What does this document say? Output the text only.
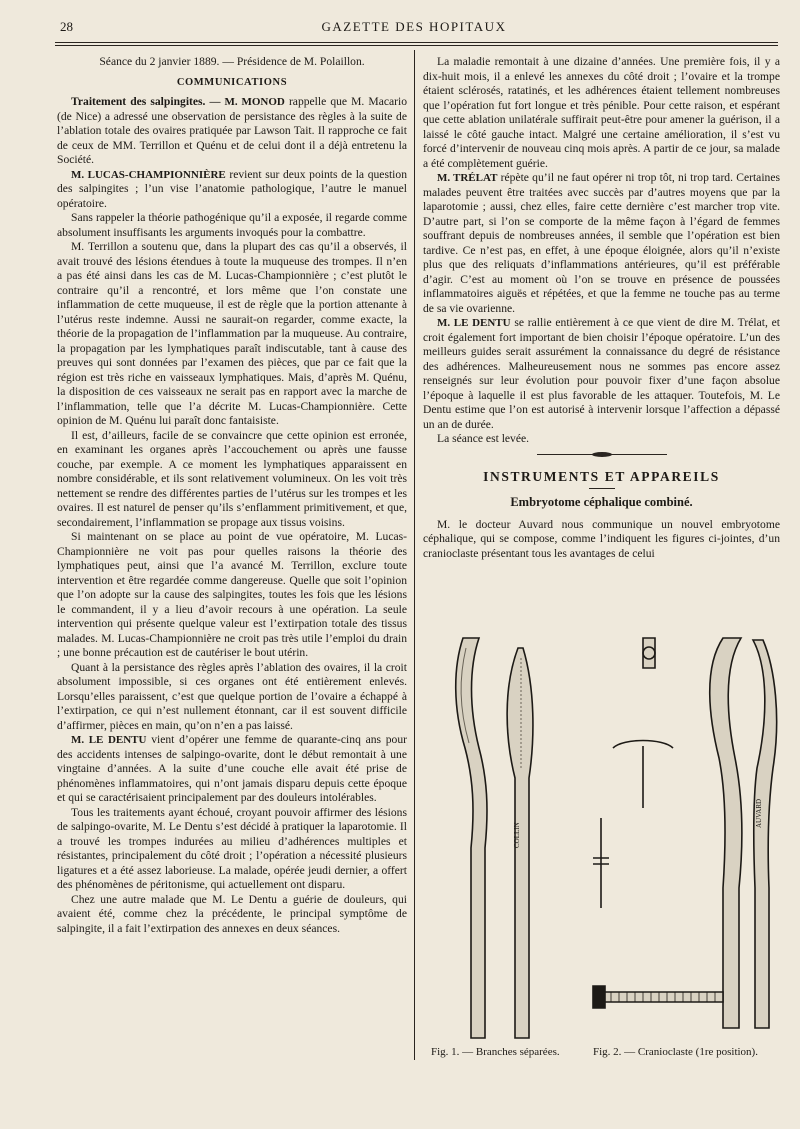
28	GAZETTE DES HOPITAUX

Séance du 2 janvier 1889. — Présidence de M. Polaillon.

COMMUNICATIONS

Traitement des salpingites. — M. MONOD rappelle que M. Macario (de Nice) a adressé une observation de persistance des règles à la suite de l’ablation totale des ovaires pratiquée par Lawson Tait. Il rapproche ce fait de ceux de MM. Terrillon et Quénu et de celui dont il a déjà entretenu la Société.

M. LUCAS-CHAMPIONNIÈRE revient sur deux points de la question des salpingites ; l’un vise l’anatomie pathologique, l’autre le manuel opératoire.

Sans rappeler la théorie pathogénique qu’il a exposée, il regarde comme absolument insuffisants les arguments invoqués pour la combattre.

M. Terrillon a soutenu que, dans la plupart des cas qu’il a observés, il avait trouvé des lésions étendues à toute la muqueuse des trompes. Il n’en a pas été ainsi dans les cas de M. Lucas-Championnière ; c’est plutôt le contraire qu’il a rencontré, et lors même que l’on constate une inflammation de cette muqueuse, il est de règle que la portion attenante à l’utérus reste indemne. Aussi ne saurait-on regarder, comme exacte, la théorie de la propagation de l’inflammation par la muqueuse. Au contraire, la propagation par les lymphatiques paraît indiscutable, tant à cause des preuves qui sont données par l’examen des pièces, que par ce fait que la région est très riche en vaisseaux lymphatiques. Mais, d’après M. Quénu, la disposition de ces vaisseaux ne serait pas en rapport avec la marche de l’inflammation, telle que l’a décrite M. Lucas-Championnière. Cette opinion de M. Quénu lui paraît donc fantaisiste.

Il est, d’ailleurs, facile de se convaincre que cette opinion est erronée, en examinant les organes après l’accouchement ou après une fausse couche, par exemple. A ce moment les lymphatiques apparaissent en nombre considérable, et ils sont relativement volumineux. On les voit très nettement se rendre des différentes parties de l’utérus sur les trompes et les ovaires. Il est naturel de penser qu’ils s’enflamment primitivement, et que, secondairement, l’inflammation se propage aux tissus voisins.

Si maintenant on se place au point de vue opératoire, M. Lucas-Championnière ne voit pas pour quelles raisons la théorie des lymphatiques peut, ainsi que l’a avancé M. Terrillon, exclure toute intervention et être regardée comme dangereuse. Quelle que soit l’opinion que l’on adopte sur la cause des salpingites, toutes les fois que les lésions le commandent, il y a lieu d’avoir recours à une opération. La seule intervention qui présente quelque valeur est l’extirpation totale des tissus malades. M. Lucas-Championnière ne croit pas très utile l’emploi du drain ; une bonne précaution est de cautériser le bout utérin.

Quant à la persistance des règles après l’ablation des ovaires, il la croit absolument impossible, si ces organes ont été entièrement enlevés. Lorsqu’elles paraissent, c’est que quelque portion de l’ovaire a échappé à l’extirpation, ce qui n’est nullement étonnant, car il est souvent difficile d’affirmer, pièces en main, qu’on n’en a pas laissé.

M. LE DENTU vient d’opérer une femme de quarante-cinq ans pour des accidents intenses de salpingo-ovarite, dont le début remontait à une vingtaine d’années. A la suite d’une couche elle avait été prise de phénomènes inflammatoires, qui n’ont jamais disparu depuis cette époque et qui se caractérisaient principalement par des douleurs intolérables.

Tous les traitements ayant échoué, croyant pouvoir affirmer des lésions de salpingo-ovarite, M. Le Dentu s’est décidé à pratiquer la laparotomie. Il a trouvé les trompes indurées au milieu d’adhérences multiples et résistantes, principalement du côté droit ; l’opération a nécessité plusieurs ligatures et a été assez laborieuse. La malade, opérée jeudi dernier, a offert des phénomènes de péritonisme, qui actuellement ont disparu.

Chez une autre malade que M. Le Dentu a guérie de douleurs, qui avaient été, comme chez la précédente, le principal symptôme de salpingite, il a fait l’extirpation des annexes en deux séances.

La maladie remontait à une dizaine d’années. Une première fois, il y a dix-huit mois, il a enlevé les annexes du côté droit ; l’ovaire et la trompe étaient sclérosés, ratatinés, et les adhérences étaient tellement nombreuses que l’opération fut fort longue et très pénible. Pour cette raison, et espérant que cette ablation unilatérale suffirait peut-être pour amener la guérison, il a laissé le côté gauche intact. Malgré une certaine amélioration, il s’est vu forcé d’intervenir de nouveau cinq mois après. A partir de ce jour, sa malade a été complètement guérie.

M. TRÉLAT répète qu’il ne faut opérer ni trop tôt, ni trop tard. Certaines malades peuvent être traitées avec succès par d’autres moyens que par la laparotomie ; aussi, chez elles, faire cette dernière c’est marcher trop vite. D’autre part, si l’on se comporte de la même façon à l’égard de femmes souffrant depuis de nombreuses années, il semble que l’opération est bien tardive. Ce n’est pas, en effet, à une époque éloignée, alors qu’il n’existe plus que des reliquats d’inflammations antérieures, qu’il est préférable d’agir. C’est au moment où l’on se trouve en présence de poussées inflammatoires aiguës et répétées, et que la femme ne touche pas au terme de sa vie ovarienne.

M. LE DENTU se rallie entièrement à ce que vient de dire M. Trélat, et croit également fort important de bien choisir l’époque opératoire. L’un des meilleurs guides serait assurément la connaissance du degré de résistance des adhérences. Malheureusement nous ne sommes pas encore assez renseignés sur leur évolution pour pouvoir fixer d’une façon absolue l’époque à laquelle il est plus favorable de les attaquer. Toutefois, M. Le Dentu estime que l’on est autorisé à intervenir lorsque l’affection a dépassé un an de durée.

La séance est levée.

INSTRUMENTS ET APPAREILS
Embryotome céphalique combiné.

M. le docteur Auvard nous communique un nouvel embryotome céphalique, qui se compose, comme l’indiquent les figures ci-jointes, d’un cranioclaste présentant tous les avantages de celui

COLLIN
AUVARD
Fig. 1. — Branches séparées.	Fig. 2. — Cranioclaste (1re position).
